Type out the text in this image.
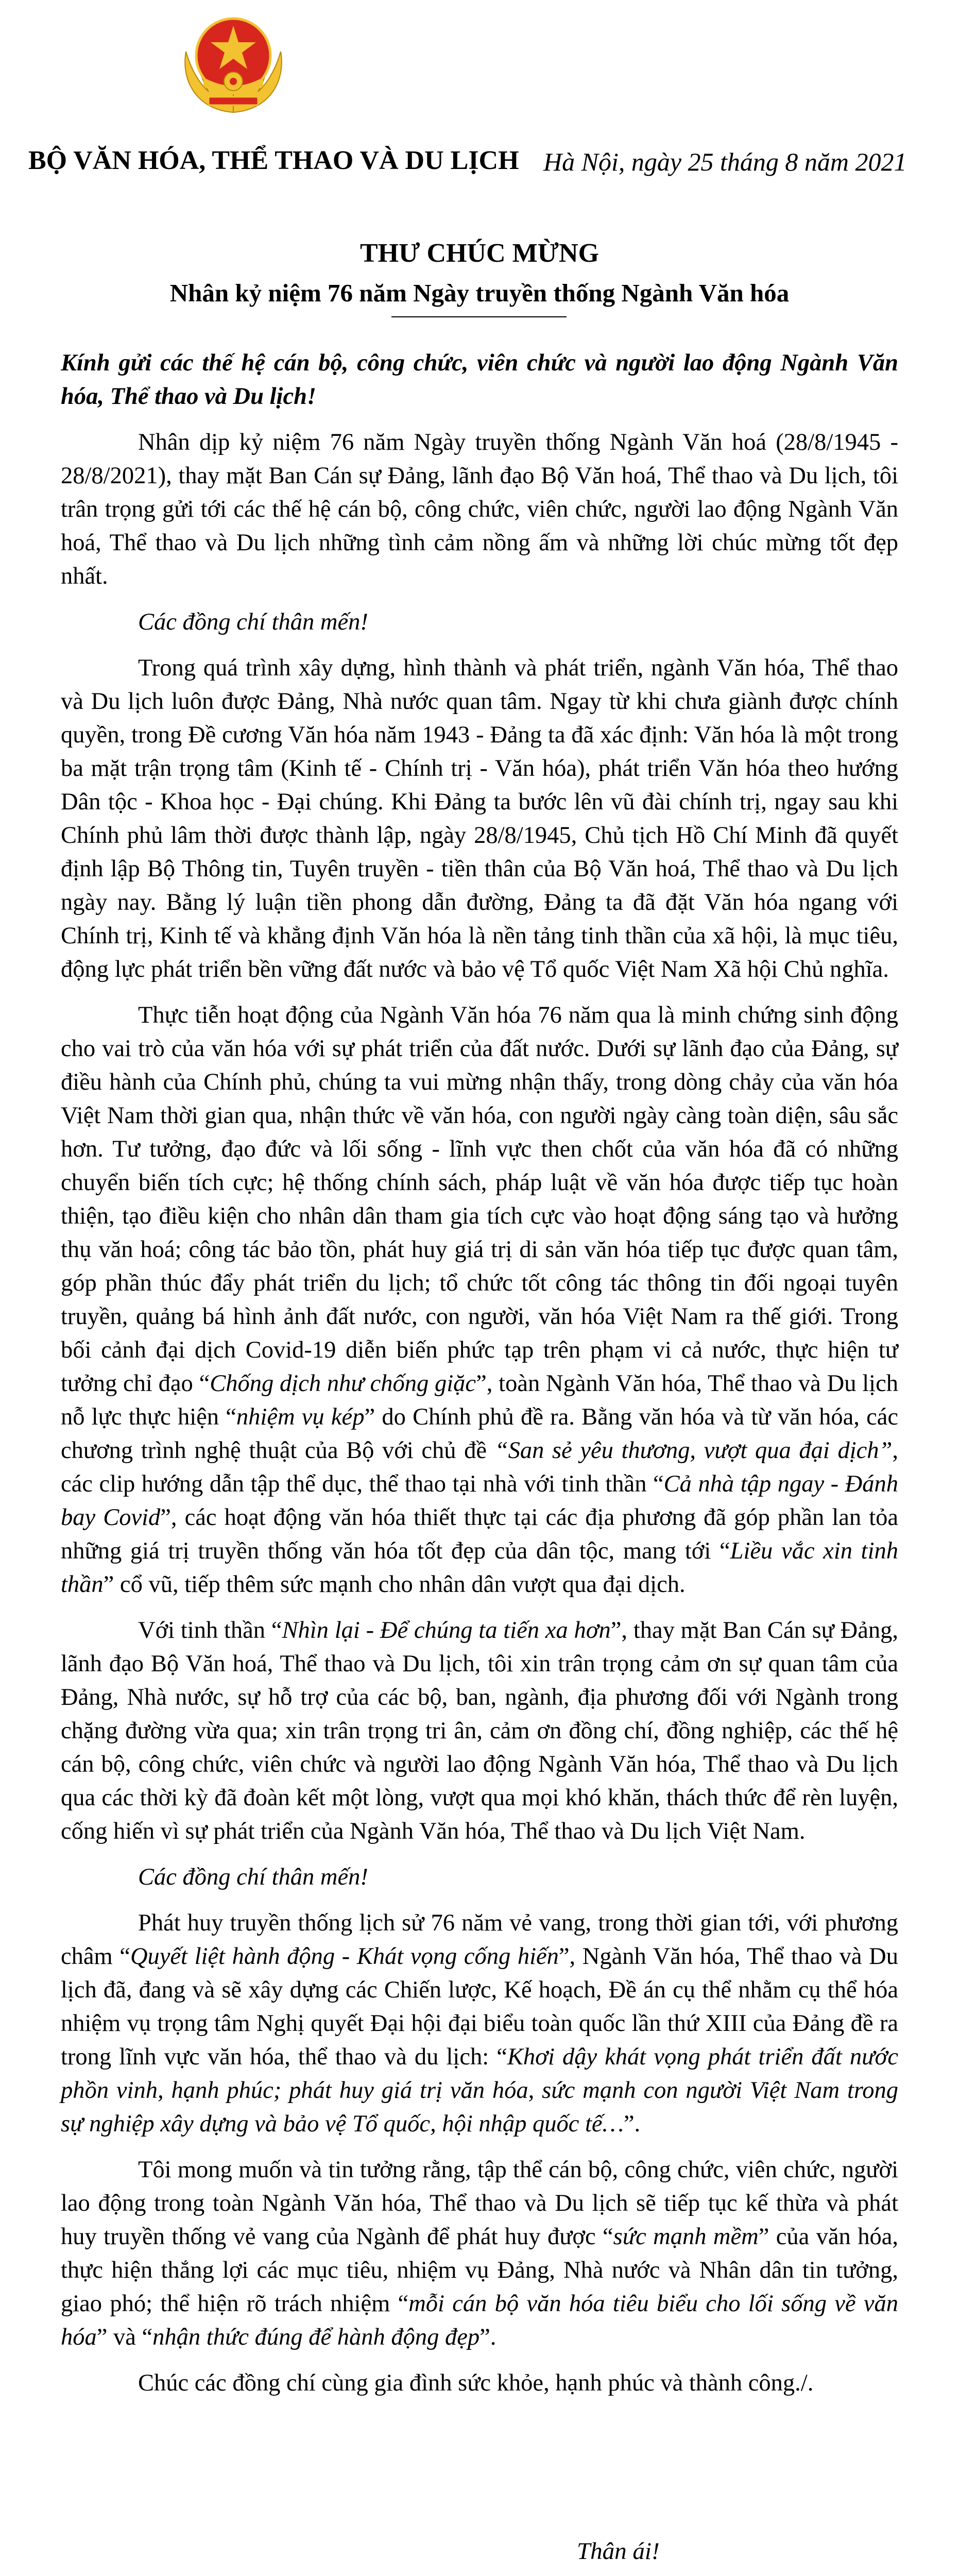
BỘ VĂN HÓA, THỂ THAO VÀ DU LỊCH Hà Nội, ngày 25 tháng 8 năm 2021
THƯ CHÚC MỪNG
Nhân kỷ niệm 76 năm Ngày truyền thống Ngành Văn hóa

Kính gửi các thế hệ cán bộ, công chức, viên chức và người lao động Ngành Văn hóa, Thể thao và Du lịch!

Nhân dịp kỷ niệm 76 năm Ngày truyền thống Ngành Văn hoá (28/8/1945 - 28/8/2021), thay mặt Ban Cán sự Đảng, lãnh đạo Bộ Văn hoá, Thể thao và Du lịch, tôi trân trọng gửi tới các thế hệ cán bộ, công chức, viên chức, người lao động Ngành Văn hoá, Thể thao và Du lịch những tình cảm nồng ấm và những lời chúc mừng tốt đẹp nhất.

Các đồng chí thân mến!

Trong quá trình xây dựng, hình thành và phát triển, ngành Văn hóa, Thể thao và Du lịch luôn được Đảng, Nhà nước quan tâm. Ngay từ khi chưa giành được chính quyền, trong Đề cương Văn hóa năm 1943 - Đảng ta đã xác định: Văn hóa là một trong ba mặt trận trọng tâm (Kinh tế - Chính trị - Văn hóa), phát triển Văn hóa theo hướng Dân tộc - Khoa học - Đại chúng. Khi Đảng ta bước lên vũ đài chính trị, ngay sau khi Chính phủ lâm thời được thành lập, ngày 28/8/1945, Chủ tịch Hồ Chí Minh đã quyết định lập Bộ Thông tin, Tuyên truyền - tiền thân của Bộ Văn hoá, Thể thao và Du lịch ngày nay. Bằng lý luận tiền phong dẫn đường, Đảng ta đã đặt Văn hóa ngang với Chính trị, Kinh tế và khẳng định Văn hóa là nền tảng tinh thần của xã hội, là mục tiêu, động lực phát triển bền vững đất nước và bảo vệ Tổ quốc Việt Nam Xã hội Chủ nghĩa.

Thực tiễn hoạt động của Ngành Văn hóa 76 năm qua là minh chứng sinh động cho vai trò của văn hóa với sự phát triển của đất nước. Dưới sự lãnh đạo của Đảng, sự điều hành của Chính phủ, chúng ta vui mừng nhận thấy, trong dòng chảy của văn hóa Việt Nam thời gian qua, nhận thức về văn hóa, con người ngày càng toàn diện, sâu sắc hơn. Tư tưởng, đạo đức và lối sống - lĩnh vực then chốt của văn hóa đã có những chuyển biến tích cực; hệ thống chính sách, pháp luật về văn hóa được tiếp tục hoàn thiện, tạo điều kiện cho nhân dân tham gia tích cực vào hoạt động sáng tạo và hưởng thụ văn hoá; công tác bảo tồn, phát huy giá trị di sản văn hóa tiếp tục được quan tâm, góp phần thúc đẩy phát triển du lịch; tổ chức tốt công tác thông tin đối ngoại tuyên truyền, quảng bá hình ảnh đất nước, con người, văn hóa Việt Nam ra thế giới. Trong bối cảnh đại dịch Covid-19 diễn biến phức tạp trên phạm vi cả nước, thực hiện tư tưởng chỉ đạo “Chống dịch như chống giặc”, toàn Ngành Văn hóa, Thể thao và Du lịch nỗ lực thực hiện “nhiệm vụ kép” do Chính phủ đề ra. Bằng văn hóa và từ văn hóa, các chương trình nghệ thuật của Bộ với chủ đề “San sẻ yêu thương, vượt qua đại dịch”, các clip hướng dẫn tập thể dục, thể thao tại nhà với tinh thần “Cả nhà tập ngay - Đánh bay Covid”, các hoạt động văn hóa thiết thực tại các địa phương đã góp phần lan tỏa những giá trị truyền thống văn hóa tốt đẹp của dân tộc, mang tới “Liều vắc xin tinh thần” cổ vũ, tiếp thêm sức mạnh cho nhân dân vượt qua đại dịch.

Với tinh thần “Nhìn lại - Để chúng ta tiến xa hơn”, thay mặt Ban Cán sự Đảng, lãnh đạo Bộ Văn hoá, Thể thao và Du lịch, tôi xin trân trọng cảm ơn sự quan tâm của Đảng, Nhà nước, sự hỗ trợ của các bộ, ban, ngành, địa phương đối với Ngành trong chặng đường vừa qua; xin trân trọng tri ân, cảm ơn đồng chí, đồng nghiệp, các thế hệ cán bộ, công chức, viên chức và người lao động Ngành Văn hóa, Thể thao và Du lịch qua các thời kỳ đã đoàn kết một lòng, vượt qua mọi khó khăn, thách thức để rèn luyện, cống hiến vì sự phát triển của Ngành Văn hóa, Thể thao và Du lịch Việt Nam.

Các đồng chí thân mến!

Phát huy truyền thống lịch sử 76 năm vẻ vang, trong thời gian tới, với phương châm “Quyết liệt hành động - Khát vọng cống hiến”, Ngành Văn hóa, Thể thao và Du lịch đã, đang và sẽ xây dựng các Chiến lược, Kế hoạch, Đề án cụ thể nhằm cụ thể hóa nhiệm vụ trọng tâm Nghị quyết Đại hội đại biểu toàn quốc lần thứ XIII của Đảng đề ra trong lĩnh vực văn hóa, thể thao và du lịch: “Khơi dậy khát vọng phát triển đất nước phồn vinh, hạnh phúc; phát huy giá trị văn hóa, sức mạnh con người Việt Nam trong sự nghiệp xây dựng và bảo vệ Tổ quốc, hội nhập quốc tế…”.

Tôi mong muốn và tin tưởng rằng, tập thể cán bộ, công chức, viên chức, người lao động trong toàn Ngành Văn hóa, Thể thao và Du lịch sẽ tiếp tục kế thừa và phát huy truyền thống vẻ vang của Ngành để phát huy được “sức mạnh mềm” của văn hóa, thực hiện thắng lợi các mục tiêu, nhiệm vụ Đảng, Nhà nước và Nhân dân tin tưởng, giao phó; thể hiện rõ trách nhiệm “mỗi cán bộ văn hóa tiêu biểu cho lối sống về văn hóa” và “nhận thức đúng để hành động đẹp”.

Chúc các đồng chí cùng gia đình sức khỏe, hạnh phúc và thành công./.

Thân ái!
